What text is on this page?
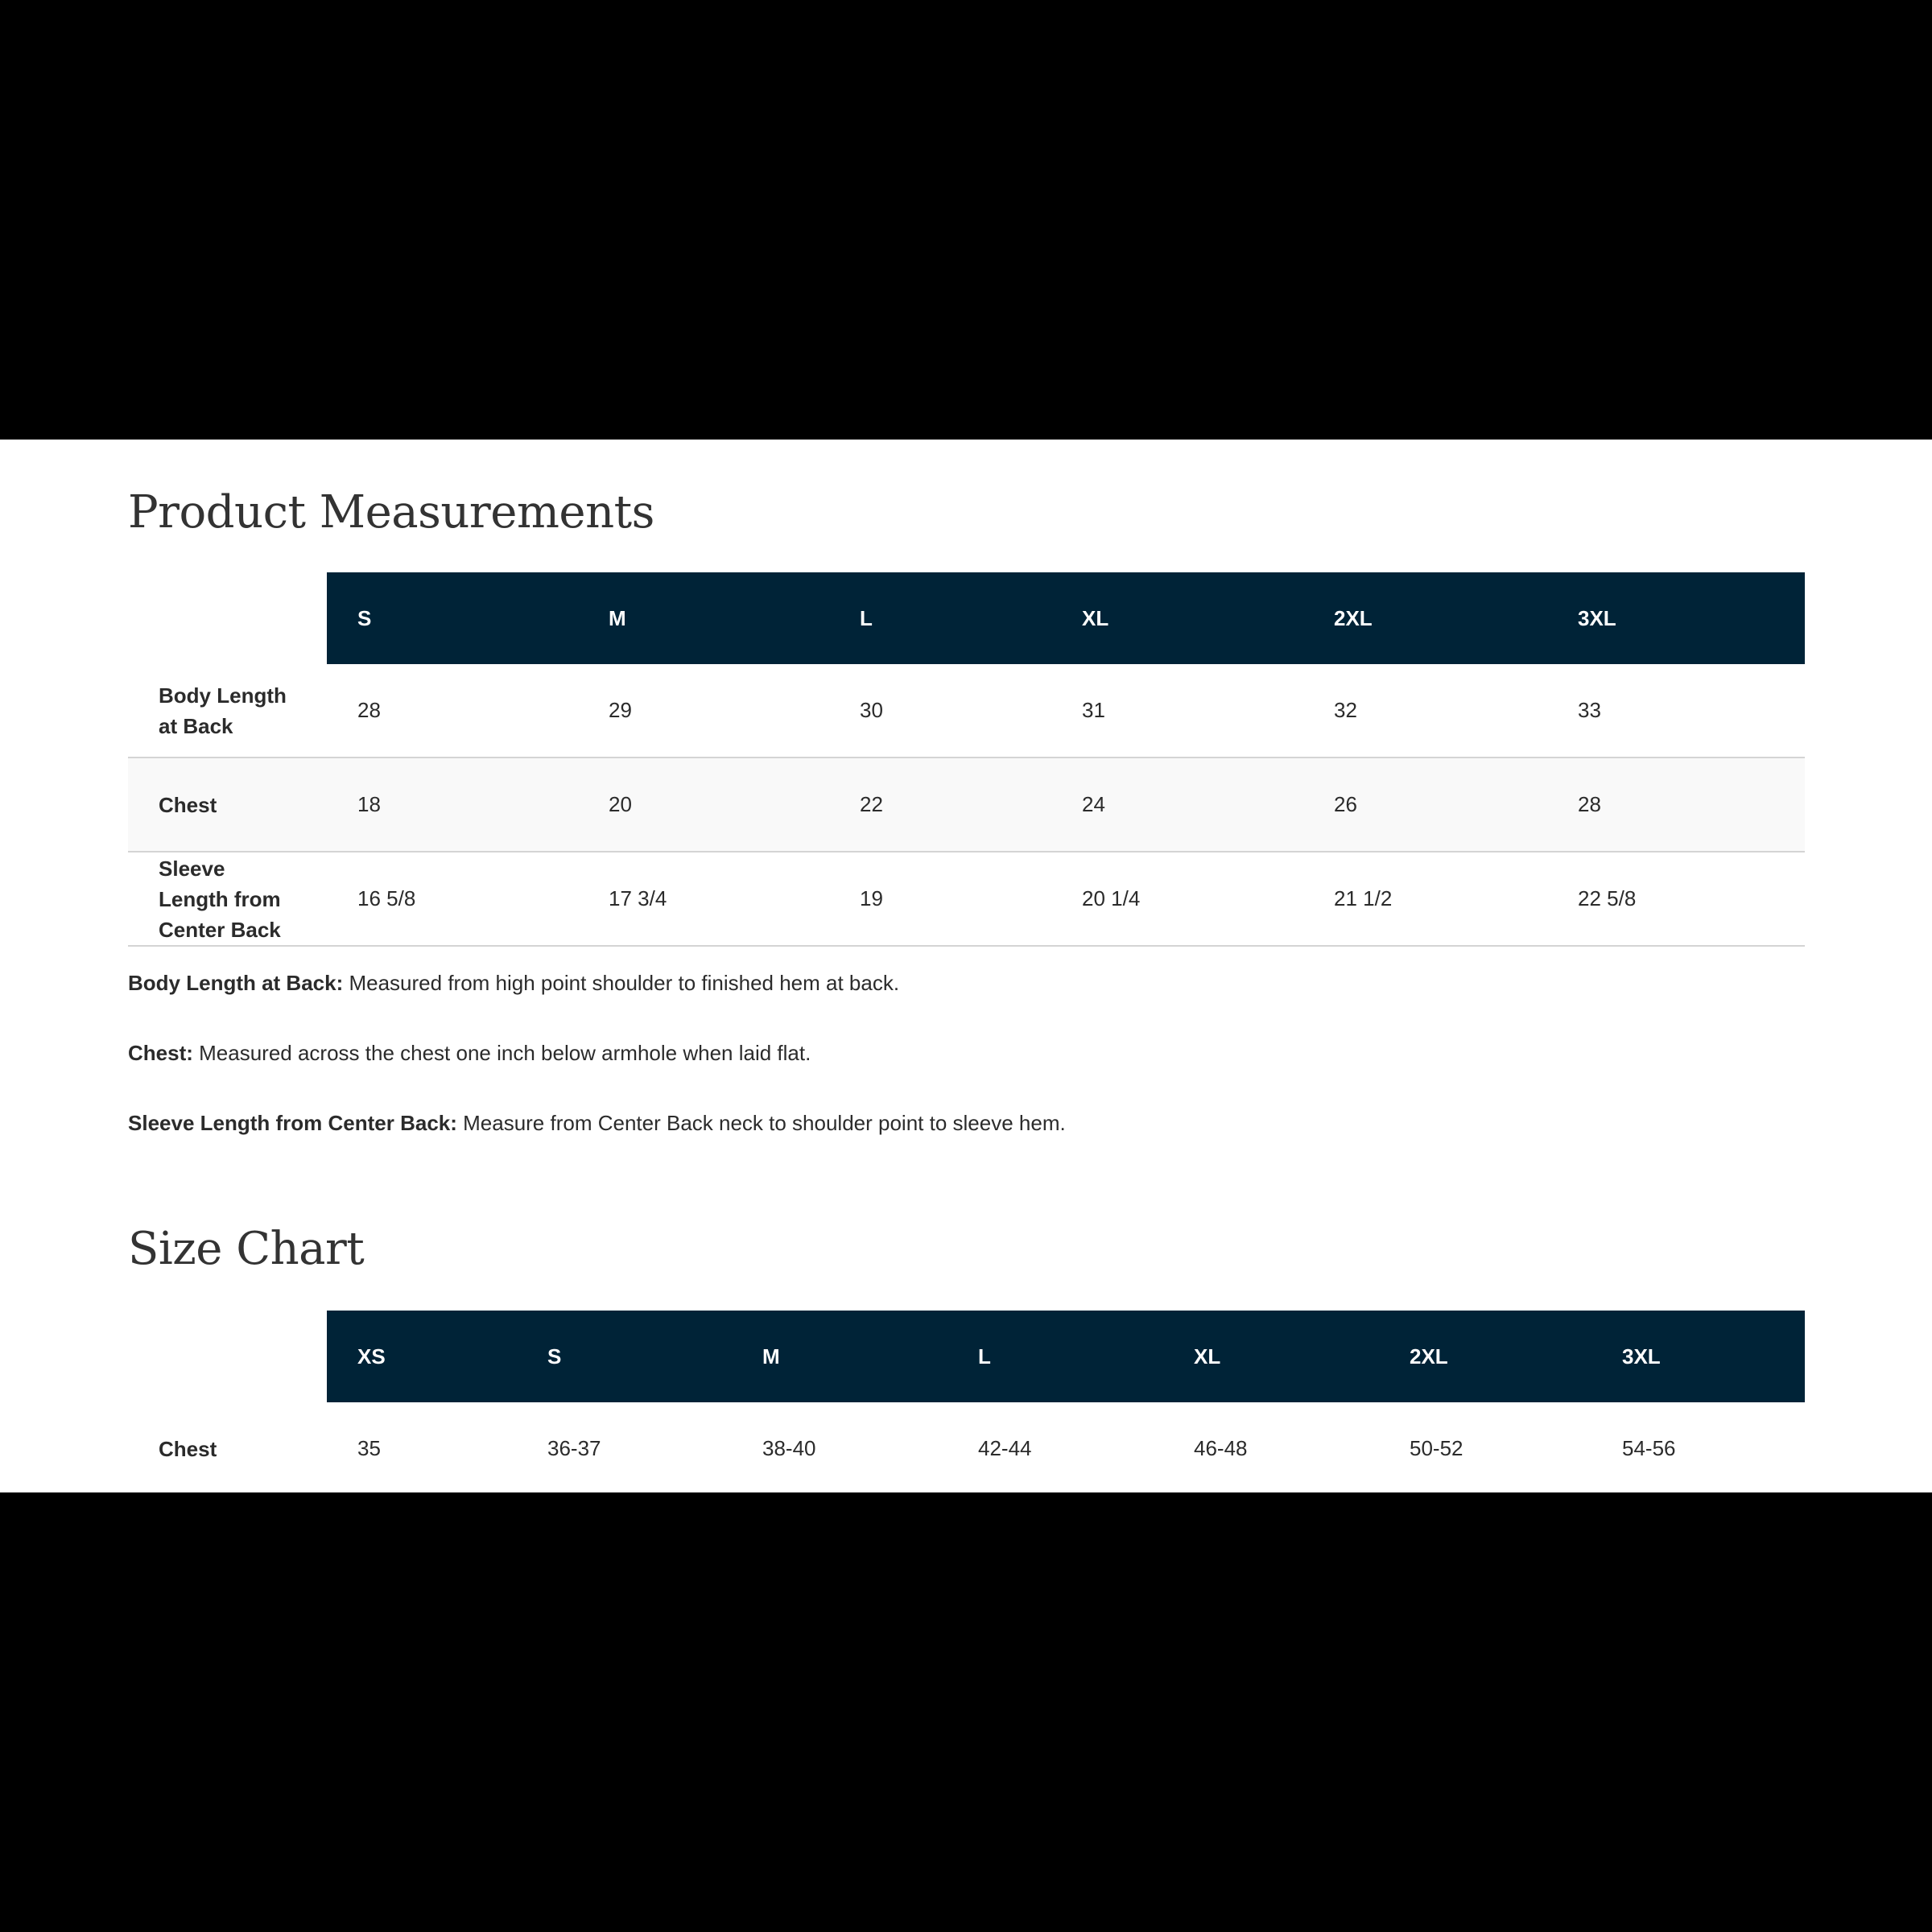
Product Measurements
	S	M	L	XL	2XL	3XL
Body Length at Back	28	29	30	31	32	33
Chest	18	20	22	24	26	28
Sleeve Length from Center Back	16 5/8	17 3/4	19	20 1/4	21 1/2	22 5/8

Body Length at Back: Measured from high point shoulder to finished hem at back.

Chest: Measured across the chest one inch below armhole when laid flat.

Sleeve Length from Center Back: Measure from Center Back neck to shoulder point to sleeve hem.

Size Chart
	XS	S	M	L	XL	2XL	3XL
Chest	35	36-37	38-40	42-44	46-48	50-52	54-56
